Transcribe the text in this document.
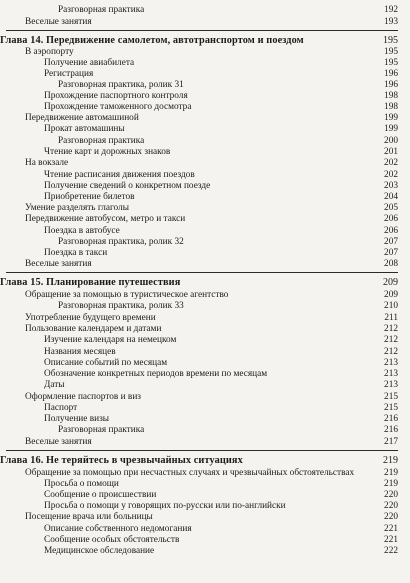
Разговорная практика	192
Веселые занятия	193
Глава 14. Передвижение самолетом, автотранспортом и поездом	195
В аэропорту	195
Получение авиабилета	195
Регистрация	196
Разговорная практика, ролик 31	196
Прохождение паспортного контроля	198
Прохождение таможенного досмотра	198
Передвижение автомашиной	199
Прокат автомашины	199
Разговорная практика	200
Чтение карт и дорожных знаков	201
На вокзале	202
Чтение расписания движения поездов	202
Получение сведений о конкретном поезде	203
Приобретение билетов	204
Умение разделять глаголы	205
Передвижение автобусом, метро и такси	206
Поездка в автобусе	206
Разговорная практика, ролик 32	207
Поездка в такси	207
Веселые занятия	208
Глава 15. Планирование путешествия	209
Обращение за помощью в туристическое агентство	209
Разговорная практика, ролик 33	210
Употребление будущего времени	211
Пользование календарем и датами	212
Изучение календаря на немецком	212
Названия месяцев	212
Описание событий по месяцам	213
Обозначение конкретных периодов времени по месяцам	213
Даты	213
Оформление паспортов и виз	215
Паспорт	215
Получение визы	216
Разговорная практика	216
Веселые занятия	217
Глава 16. Не теряйтесь в чрезвычайных ситуациях	219
Обращение за помощью при несчастных случаях и чрезвычайных обстоятельствах	219
Просьба о помощи	219
Сообщение о происшествии	220
Просьба о помощи у говорящих по-русски или по-английски	220
Посещение врача или больницы	220
Описание собственного недомогания	221
Сообщение особых обстоятельств	221
Медицинское обследование	222
